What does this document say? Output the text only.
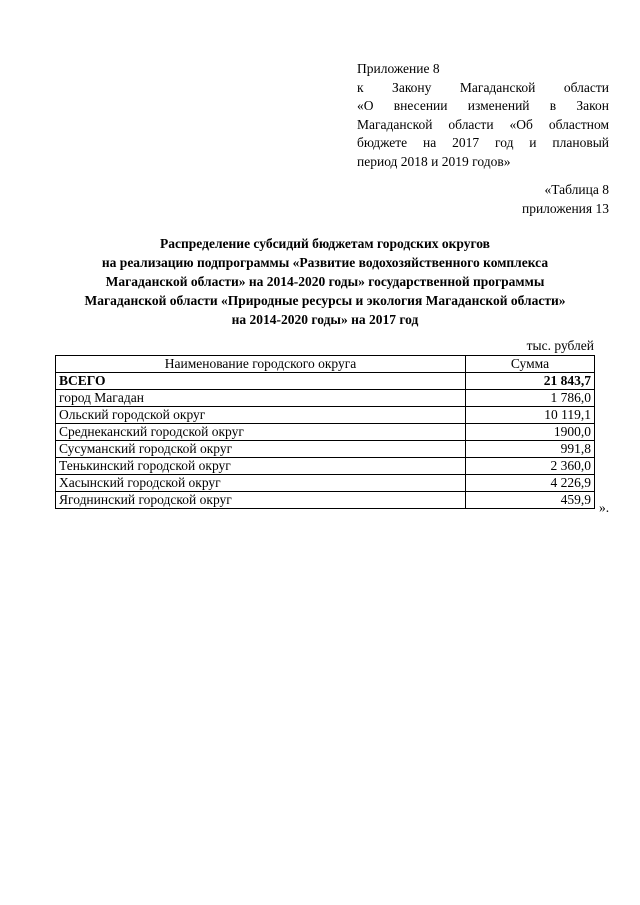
Приложение 8
к Закону Магаданской области
«О внесении изменений в Закон
Магаданской области «Об областном
бюджете на 2017 год и плановый
период 2018 и 2019 годов»
«Таблица 8
приложения 13
Распределение субсидий бюджетам городских округов
на реализацию подпрограммы «Развитие водохозяйственного комплекса
Магаданской области» на 2014-2020 годы» государственной программы
Магаданской области «Природные ресурсы и экология Магаданской области»
на 2014-2020 годы» на 2017 год
тыс. рублей
Наименование городского округа	Сумма
ВСЕГО	21 843,7
город Магадан	1 786,0
Ольский городской округ	10 119,1
Среднеканский городской округ	1900,0
Сусуманский городской округ	991,8
Тенькинский городской округ	2 360,0
Хасынский городской округ	4 226,9
Ягоднинский городской округ	459,9
».
